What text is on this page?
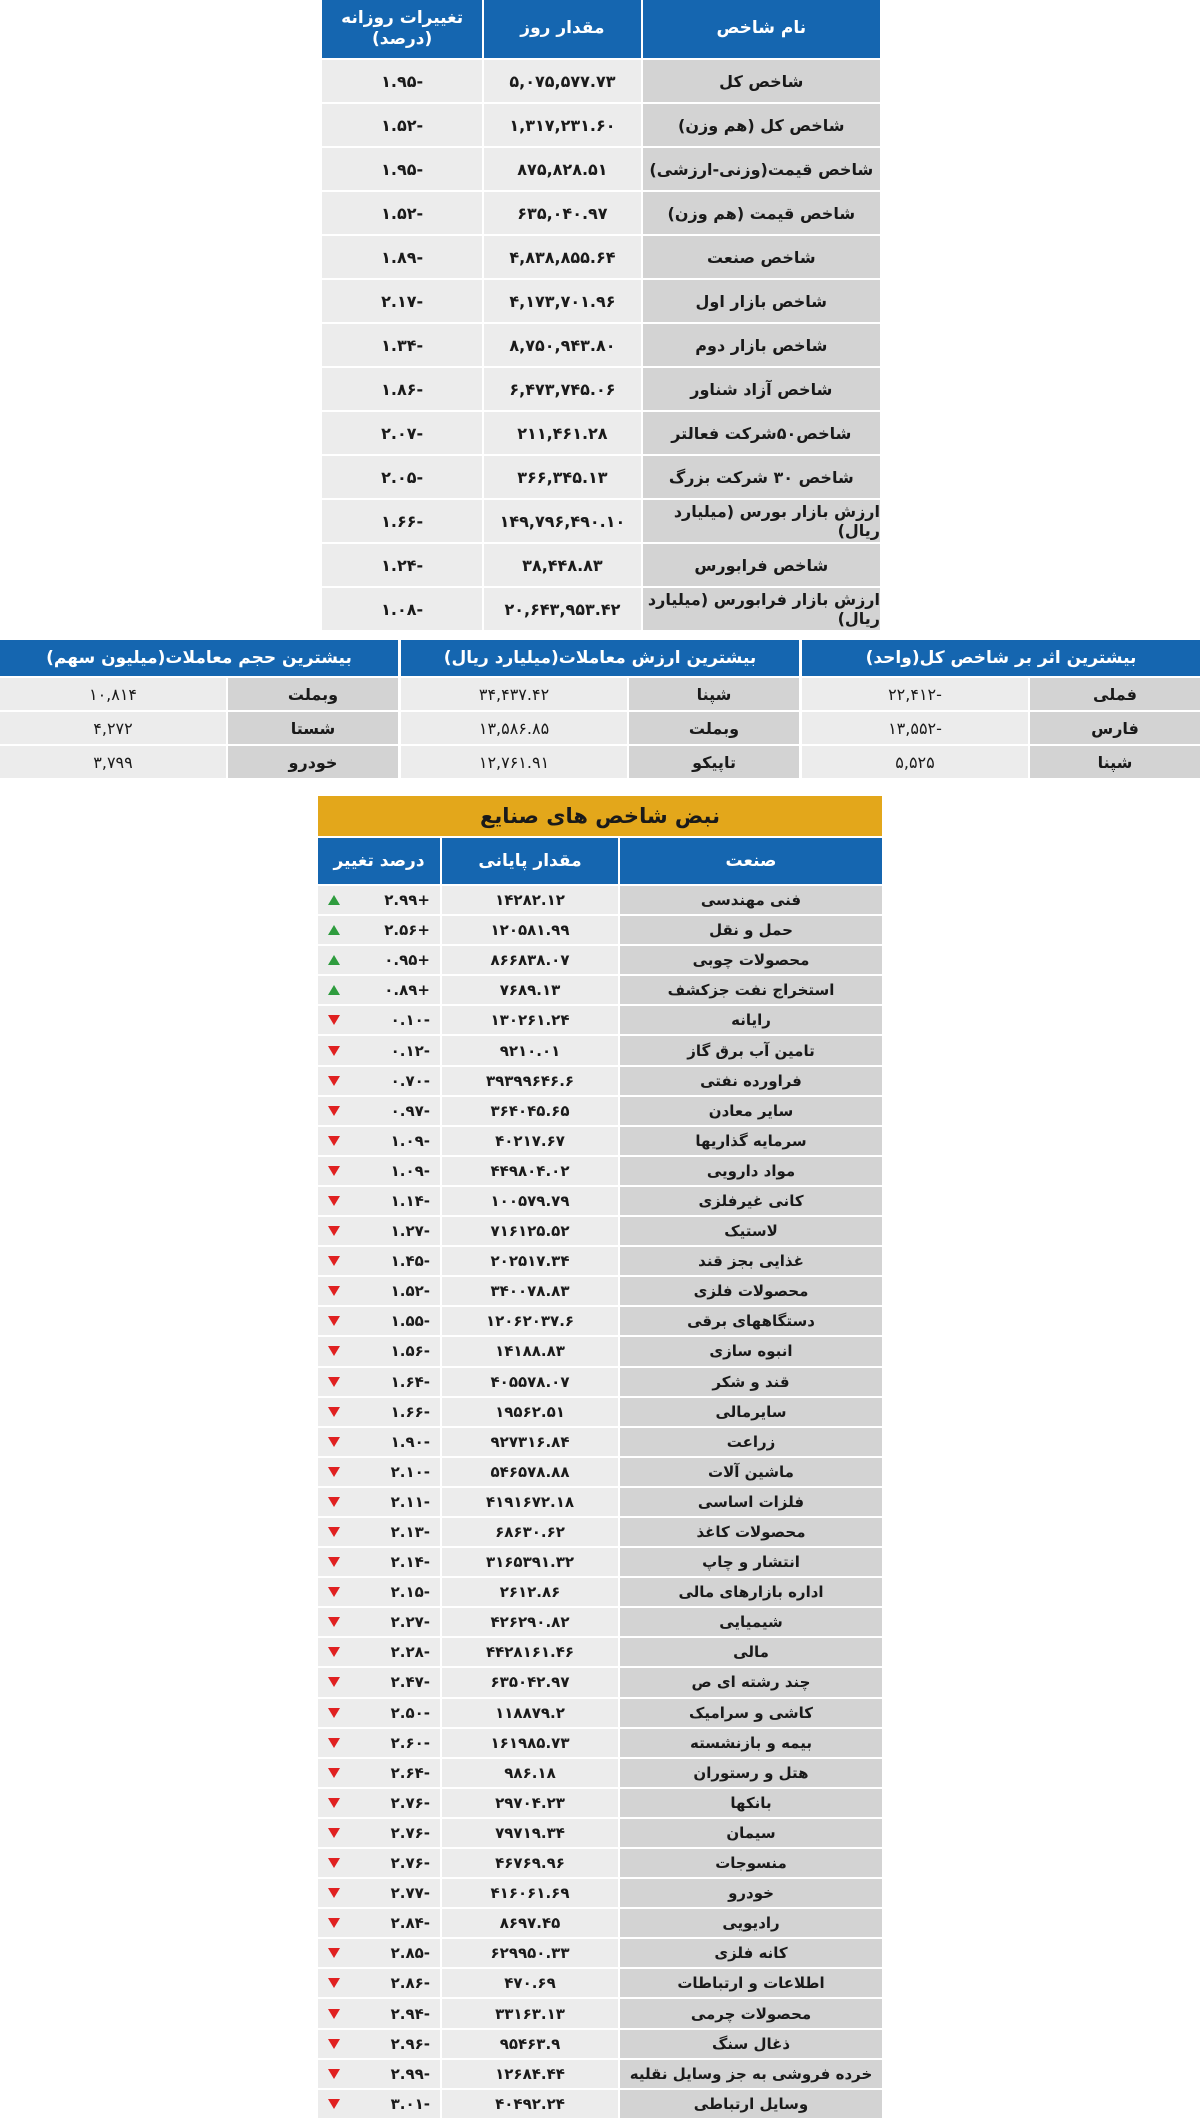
نام شاخص
مقدار روز
تغییرات روزانه
(درصد)
شاخص کل
۵,۰۷۵,۵۷۷.۷۳
-۱.۹۵
شاخص کل (هم وزن)
۱,۳۱۷,۲۳۱.۶۰
-۱.۵۲
شاخص قیمت(وزنی-ارزشی)
۸۷۵,۸۲۸.۵۱
-۱.۹۵
شاخص قیمت (هم وزن)
۶۳۵,۰۴۰.۹۷
-۱.۵۲
شاخص صنعت
۴,۸۳۸,۸۵۵.۶۴
-۱.۸۹
شاخص بازار اول
۴,۱۷۳,۷۰۱.۹۶
-۲.۱۷
شاخص بازار دوم
۸,۷۵۰,۹۴۳.۸۰
-۱.۳۴
شاخص آزاد شناور
۶,۴۷۳,۷۴۵.۰۶
-۱.۸۶
شاخص۵۰شرکت فعالتر
۲۱۱,۴۶۱.۲۸
-۲.۰۷
شاخص ۳۰ شرکت بزرگ
۳۶۶,۳۴۵.۱۳
-۲.۰۵
ارزش بازار بورس (میلیارد ریال)
۱۴۹,۷۹۶,۴۹۰.۱۰
-۱.۶۶
شاخص فرابورس
۳۸,۴۴۸.۸۳
-۱.۲۴
ارزش بازار فرابورس (میلیارد ریال)
۲۰,۶۴۳,۹۵۳.۴۲
-۱.۰۸
بیشترین اثر بر شاخص کل(واحد)
فملی
-۲۲,۴۱۲
فارس
-۱۳,۵۵۲
شپنا
۵,۵۲۵
بیشترین ارزش معاملات(میلیارد ریال)
شپنا
۳۴,۴۳۷.۴۲
وبملت
۱۳,۵۸۶.۸۵
تاپیکو
۱۲,۷۶۱.۹۱
بیشترین حجم معاملات(میلیون سهم)
وبملت
۱۰,۸۱۴
شستا
۴,۲۷۲
خودرو
۳,۷۹۹
نبض شاخص های صنایع
صنعت
مقدار پایانی
درصد تغییر
فنی مهندسی
۱۴۲۸۲.۱۲
+۲.۹۹
حمل و نقل
۱۲۰۵۸۱.۹۹
+۲.۵۶
محصولات چوبی
۸۶۶۸۳۸.۰۷
+۰.۹۵
استخراج نفت جزکشف
۷۶۸۹.۱۳
+۰.۸۹
رایانه
۱۳۰۲۶۱.۲۴
-۰.۱۰
تامین آب برق گاز
۹۲۱۰.۰۱
-۰.۱۲
فراورده نفتی
۳۹۳۹۹۶۴۶.۶
-۰.۷۰
سایر معادن
۳۶۴۰۴۵.۶۵
-۰.۹۷
سرمایه گذاریها
۴۰۲۱۷.۶۷
-۱.۰۹
مواد دارویی
۴۴۹۸۰۴.۰۲
-۱.۰۹
کانی غیرفلزی
۱۰۰۵۷۹.۷۹
-۱.۱۴
لاستیک
۷۱۶۱۲۵.۵۲
-۱.۲۷
غذایی بجز قند
۲۰۲۵۱۷.۳۴
-۱.۴۵
محصولات فلزی
۳۴۰۰۷۸.۸۳
-۱.۵۲
دستگاههای برقی
۱۲۰۶۲۰۳۷.۶
-۱.۵۵
انبوه سازی
۱۴۱۸۸.۸۳
-۱.۵۶
قند و شکر
۴۰۵۵۷۸.۰۷
-۱.۶۴
سایرمالی
۱۹۵۶۲.۵۱
-۱.۶۶
زراعت
۹۲۷۳۱۶.۸۴
-۱.۹۰
ماشین آلات
۵۴۶۵۷۸.۸۸
-۲.۱۰
فلزات اساسی
۴۱۹۱۶۷۲.۱۸
-۲.۱۱
محصولات کاغذ
۶۸۶۳۰.۶۲
-۲.۱۳
انتشار و چاپ
۳۱۶۵۳۹۱.۳۲
-۲.۱۴
اداره بازارهای مالی
۲۶۱۲.۸۶
-۲.۱۵
شیمیایی
۴۲۶۲۹۰.۸۲
-۲.۲۷
مالی
۴۴۲۸۱۶۱.۴۶
-۲.۲۸
چند رشته ای ص
۶۳۵۰۴۲.۹۷
-۲.۴۷
کاشی و سرامیک
۱۱۸۸۷۹.۲
-۲.۵۰
بیمه و بازنشسته
۱۶۱۹۸۵.۷۳
-۲.۶۰
هتل و رستوران
۹۸۶.۱۸
-۲.۶۴
بانکها
۲۹۷۰۴.۲۳
-۲.۷۶
سیمان
۷۹۷۱۹.۳۴
-۲.۷۶
منسوجات
۴۶۷۶۹.۹۶
-۲.۷۶
خودرو
۴۱۶۰۶۱.۶۹
-۲.۷۷
رادیویی
۸۶۹۷.۴۵
-۲.۸۴
کانه فلزی
۶۲۹۹۵۰.۳۳
-۲.۸۵
اطلاعات و ارتباطات
۴۷۰.۶۹
-۲.۸۶
محصولات چرمی
۳۳۱۶۳.۱۳
-۲.۹۴
ذغال سنگ
۹۵۴۶۳.۹
-۲.۹۶
خرده فروشی به جز وسایل نقلیه
۱۲۶۸۴.۴۴
-۲.۹۹
وسایل ارتباطی
۴۰۴۹۲.۲۴
-۳.۰۱
